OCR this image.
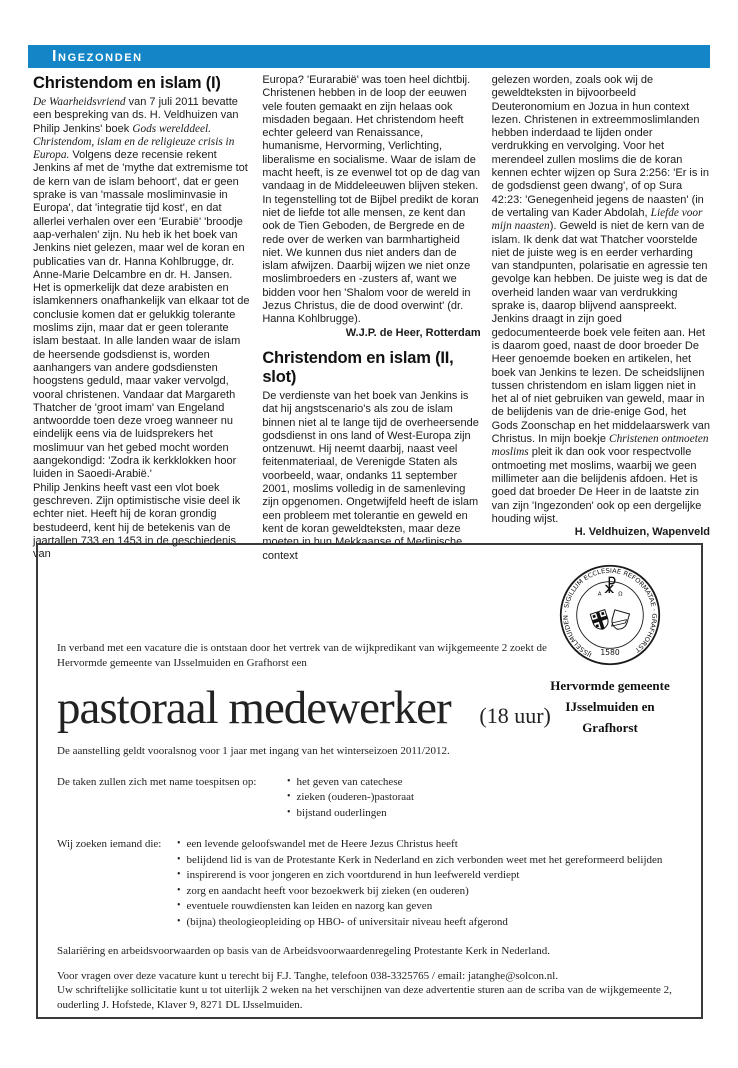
Ingezonden
Christendom en islam (I)

De Waarheidsvriend van 7 juli 2011 bevatte een bespreking van ds. H. Veldhuizen van Philip Jenkins' boek Gods werelddeel. Christendom, islam en de religieuze crisis in Europa. Volgens deze recensie rekent Jenkins af met de 'mythe dat extremisme tot de kern van de islam behoort', dat er geen sprake is van 'massale mosliminvasie in Europa', dat 'integratie tijd kost', en dat allerlei verhalen over een 'Eurabië' 'broodje aap-verhalen' zijn. Nu heb ik het boek van Jenkins niet gelezen, maar wel de koran en publicaties van dr. Hanna Kohlbrugge, dr. Anne-Marie Delcambre en dr. H. Jansen. Het is opmerkelijk dat deze arabisten en islamkenners onafhankelijk van elkaar tot de conclusie komen dat er gelukkig tolerante moslims zijn, maar dat er geen tolerante islam bestaat. In alle landen waar de islam de heersende godsdienst is, worden aanhangers van andere godsdiensten hoogstens geduld, maar vaker vervolgd, vooral christenen. Vandaar dat Margareth Thatcher de 'groot imam' van Engeland antwoordde toen deze vroeg wanneer nu eindelijk eens via de luidsprekers het moslimuur van het gebed mocht worden aangekondigd: 'Zodra ik kerkklokken hoor luiden in Saoedi-Arabië.'

Philip Jenkins heeft vast een vlot boek geschreven. Zijn optimistische visie deel ik echter niet. Heeft hij de koran grondig bestudeerd, kent hij de betekenis van de jaartallen 733 en 1453 in de geschiedenis van

Europa? 'Eurarabië' was toen heel dichtbij. Christenen hebben in de loop der eeuwen vele fouten gemaakt en zijn helaas ook misdaden begaan. Het christendom heeft echter geleerd van Renaissance, humanisme, Hervorming, Verlichting, liberalisme en socialisme. Waar de islam de macht heeft, is ze evenwel tot op de dag van vandaag in de Middeleeuwen blijven steken.

In tegenstelling tot de Bijbel predikt de koran niet de liefde tot alle mensen, ze kent dan ook de Tien Geboden, de Bergrede en de rede over de werken van barmhartigheid niet. We kunnen dus niet anders dan de islam afwijzen. Daarbij wijzen we niet onze moslimbroeders en -zusters af, want we bidden voor hen 'Shalom voor de wereld in Jezus Christus, die de dood overwint' (dr. Hanna Kohlbrugge).

W.J.P. de Heer, Rotterdam

Christendom en islam (II, slot)

De verdienste van het boek van Jenkins is dat hij angstscenario's als zou de islam binnen niet al te lange tijd de overheersende godsdienst in ons land of West-Europa zijn ontzenuwt. Hij neemt daarbij, naast veel feitenmateriaal, de Verenigde Staten als voorbeeld, waar, ondanks 11 september 2001, moslims volledig in de samenleving zijn opgenomen. Ongetwijfeld heeft de islam een probleem met tolerantie en geweld en kent de koran geweldteksten, maar deze moeten in hun Mekkaanse of Medinische context

gelezen worden, zoals ook wij de geweldteksten in bijvoorbeeld Deuteronomium en Jozua in hun context lezen. Christenen in extreemmoslimlanden hebben inderdaad te lijden onder verdrukking en vervolging. Voor het merendeel zullen moslims die de koran kennen echter wijzen op Sura 2:256: 'Er is in de godsdienst geen dwang', of op Sura 42:23: 'Genegenheid jegens de naasten' (in de vertaling van Kader Abdolah, Liefde voor mijn naasten). Geweld is niet de kern van de islam. Ik denk dat wat Thatcher voorstelde niet de juiste weg is en eerder verharding van standpunten, polarisatie en agressie ten gevolge kan hebben. De juiste weg is dat de overheid landen waar van verdrukking sprake is, daarop blijvend aanspreekt. Jenkins draagt in zijn goed gedocumenteerde boek vele feiten aan. Het is daarom goed, naast de door broeder De Heer genoemde boeken en artikelen, het boek van Jenkins te lezen. De scheidslijnen tussen christendom en islam liggen niet in het al of niet gebruiken van geweld, maar in de belijdenis van de drie-enige God, het Gods Zoonschap en het middelaarswerk van Christus. In mijn boekje Christenen ontmoeten moslims pleit ik dan ook voor respectvolle ontmoeting met moslims, waarbij we geen millimeter aan die belijdenis afdoen. Het is goed dat broeder De Heer in de laatste zin van zijn 'Ingezonden' ook op een dergelijke houding wijst.

H. Veldhuizen, Wapenveld

IJSSELMUIDEN · SIGILLUM ECCLESIAE REFORMATAE · GRAFHORST
☧
Α Ω
1580
Hervormde gemeente
IJsselmuiden en Grafhorst

In verband met een vacature die is ontstaan door het vertrek van de wijkpredikant van wijkgemeente 2 zoekt de Hervormde gemeente van IJsselmuiden en Grafhorst een

pastoraal medewerker (18 uur)

De aanstelling geldt vooralsnog voor 1 jaar met ingang van het winterseizoen 2011/2012.

De taken zullen zich met name toespitsen op:	• het geven van catechese
• zieken (ouderen-)pastoraat
• bijstand ouderlingen
Wij zoeken iemand die:	• een levende geloofswandel met de Heere Jezus Christus heeft
• belijdend lid is van de Protestante Kerk in Nederland en zich verbonden weet met het gereformeerd belijden
• inspirerend is voor jongeren en zich voortdurend in hun leefwereld verdiept
• zorg en aandacht heeft voor bezoekwerk bij zieken (en ouderen)
• eventuele rouwdiensten kan leiden en nazorg kan geven
• (bijna) theologieopleiding op HBO- of universitair niveau heeft afgerond

Salariëring en arbeidsvoorwaarden op basis van de Arbeidsvoorwaardenregeling Protestante Kerk in Nederland.

Voor vragen over deze vacature kunt u terecht bij F.J. Tanghe, telefoon 038-3325765 / email: jatanghe@solcon.nl.

Uw schriftelijke sollicitatie kunt u tot uiterlijk 2 weken na het verschijnen van deze advertentie sturen aan de scriba van de wijkgemeente 2, ouderling J. Hofstede, Klaver 9, 8271 DL IJsselmuiden.
